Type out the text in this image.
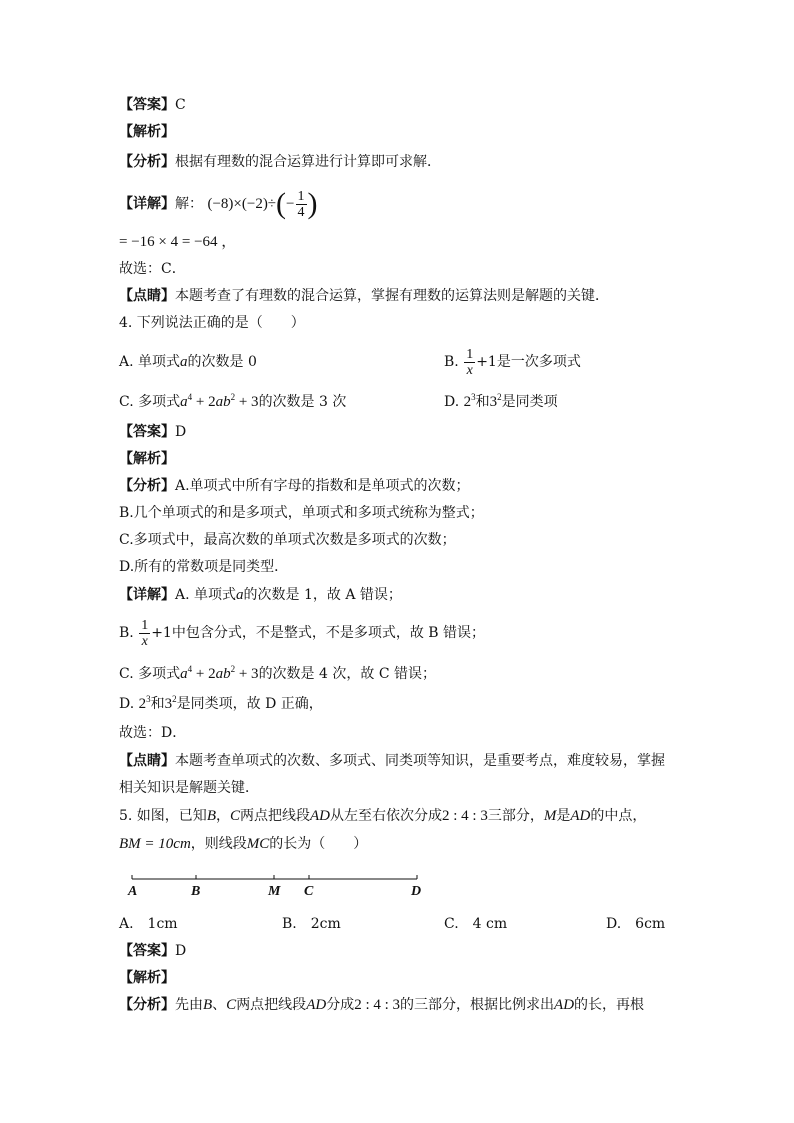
【答案】C
【解析】
【分析】根据有理数的混合运算进行计算即可求解．
【详解】解： $(-8)\times(-2)\div(- \frac{1}{4}$ )
= −16 × 4 = −64 ，
故选：C．
【点睛】本题考查了有理数的混合运算，掌握有理数的运算法则是解题的关键．
4. 下列说法正确的是（　　）
A. 单项式a的次数是 0	B. $\frac{1}{x} +1$是一次多项式
C. 多项式$a^4 + 2ab^2 + 3$的次数是 3 次	D. $2^3$和$3^2$是同类项
【答案】D
【解析】
【分析】A.单项式中所有字母的指数和是单项式的次数；
B.几个单项式的和是多项式，单项式和多项式统称为整式；
C.多项式中，最高次数的单项式次数是多项式的次数；
D.所有的常数项是同类型．
【详解】A. 单项式a的次数是 1，故 A 错误；
B. $\frac{1}{x} +1$中包含分式，不是整式，不是多项式，故 B 错误；
C. 多项式$a^4 + 2ab^2 + 3$的次数是 4 次，故 C 错误；
D. $2^3$和$3^2$是同类项，故 D 正确，
故选：D．
【点睛】本题考查单项式的次数、多项式、同类项等知识，是重要考点，难度较易，掌握
相关知识是解题关键．
5. 如图，已知B，C两点把线段AD从左至右依次分成2 : 4 : 3三部分，M是AD的中点，
BM = 10cm，则线段MC的长为（　　）
A	B	M C	D
A.　1cm	B.　2cm	C.　4 cm	D.　6cm
【答案】D
【解析】
【分析】先由B、C两点把线段AD分成2 : 4 : 3的三部分，根据比例求出AD的长，再根
